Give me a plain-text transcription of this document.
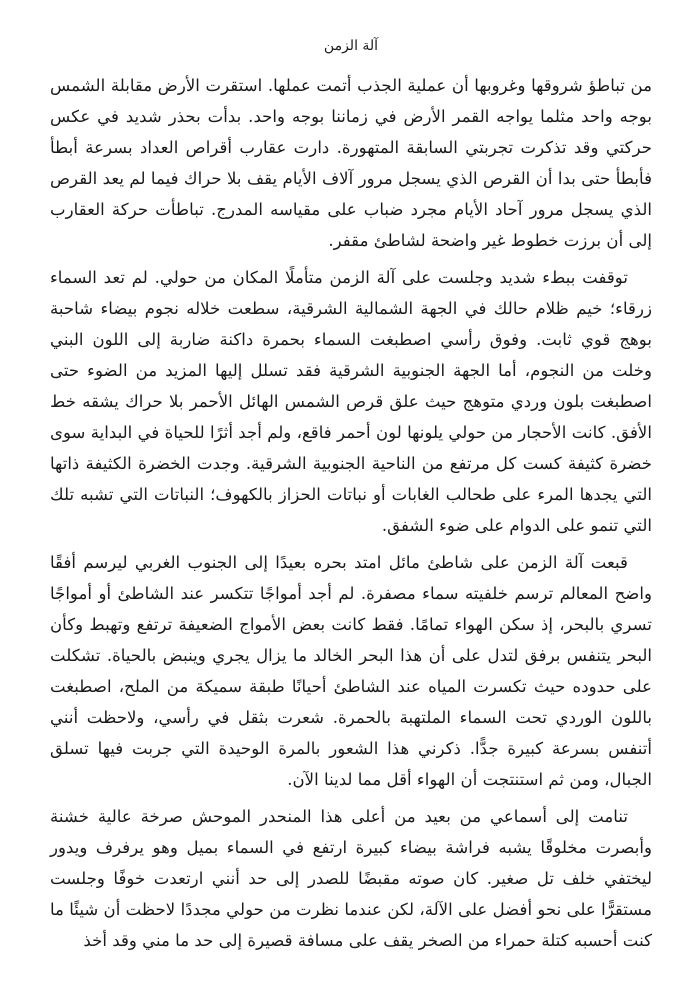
آلة الزمن

من تباطؤ شروقها وغروبها أن عملية الجذب أتمت عملها. استقرت الأرض مقابلة الشمس بوجه واحد مثلما يواجه القمر الأرض في زماننا بوجه واحد. بدأت بحذر شديد في عكس حركتي وقد تذكرت تجربتي السابقة المتهورة. دارت عقارب أقراص العداد بسرعة أبطأ فأبطأ حتى بدا أن القرص الذي يسجل مرور آلاف الأيام يقف بلا حراك فيما لم يعد القرص الذي يسجل مرور آحاد الأيام مجرد ضباب على مقياسه المدرج. تباطأت حركة العقارب إلى أن برزت خطوط غير واضحة لشاطئ مقفر.

توقفت ببطء شديد وجلست على آلة الزمن متأملًا المكان من حولي. لم تعد السماء زرقاء؛ خيم ظلام حالك في الجهة الشمالية الشرقية، سطعت خلاله نجوم بيضاء شاحبة بوهج قوي ثابت. وفوق رأسي اصطبغت السماء بحمرة داكنة ضاربة إلى اللون البني وخلت من النجوم، أما الجهة الجنوبية الشرقية فقد تسلل إليها المزيد من الضوء حتى اصطبغت بلون وردي متوهج حيث علق قرص الشمس الهائل الأحمر بلا حراك يشقه خط الأفق. كانت الأحجار من حولي يلونها لون أحمر فاقع، ولم أجد أثرًا للحياة في البداية سوى خضرة كثيفة كست كل مرتفع من الناحية الجنوبية الشرقية. وجدت الخضرة الكثيفة ذاتها التي يجدها المرء على طحالب الغابات أو نباتات الحزاز بالكهوف؛ النباتات التي تشبه تلك التي تنمو على الدوام على ضوء الشفق.

قبعت آلة الزمن على شاطئ مائل امتد بحره بعيدًا إلى الجنوب الغربي ليرسم أفقًا واضح المعالم ترسم خلفيته سماء مصفرة. لم أجد أمواجًا تتكسر عند الشاطئ أو أمواجًا تسري بالبحر، إذ سكن الهواء تمامًا. فقط كانت بعض الأمواج الضعيفة ترتفع وتهبط وكأن البحر يتنفس برفق لتدل على أن هذا البحر الخالد ما يزال يجري وينبض بالحياة. تشكلت على حدوده حيث تكسرت المياه عند الشاطئ أحيانًا طبقة سميكة من الملح، اصطبغت باللون الوردي تحت السماء الملتهبة بالحمرة. شعرت بثقل في رأسي، ولاحظت أنني أتنفس بسرعة كبيرة جدًّا. ذكرني هذا الشعور بالمرة الوحيدة التي جربت فيها تسلق الجبال، ومن ثم استنتجت أن الهواء أقل مما لدينا الآن.

تنامت إلى أسماعي من بعيد من أعلى هذا المنحدر الموحش صرخة عالية خشنة وأبصرت مخلوقًا يشبه فراشة بيضاء كبيرة ارتفع في السماء بميل وهو يرفرف ويدور ليختفي خلف تل صغير. كان صوته مقبضًا للصدر إلى حد أنني ارتعدت خوفًا وجلست مستقرًّا على نحو أفضل على الآلة، لكن عندما نظرت من حولي مجددًا لاحظت أن شيئًا ما كنت أحسبه كتلة حمراء من الصخر يقف على مسافة قصيرة إلى حد ما مني وقد أخذ
